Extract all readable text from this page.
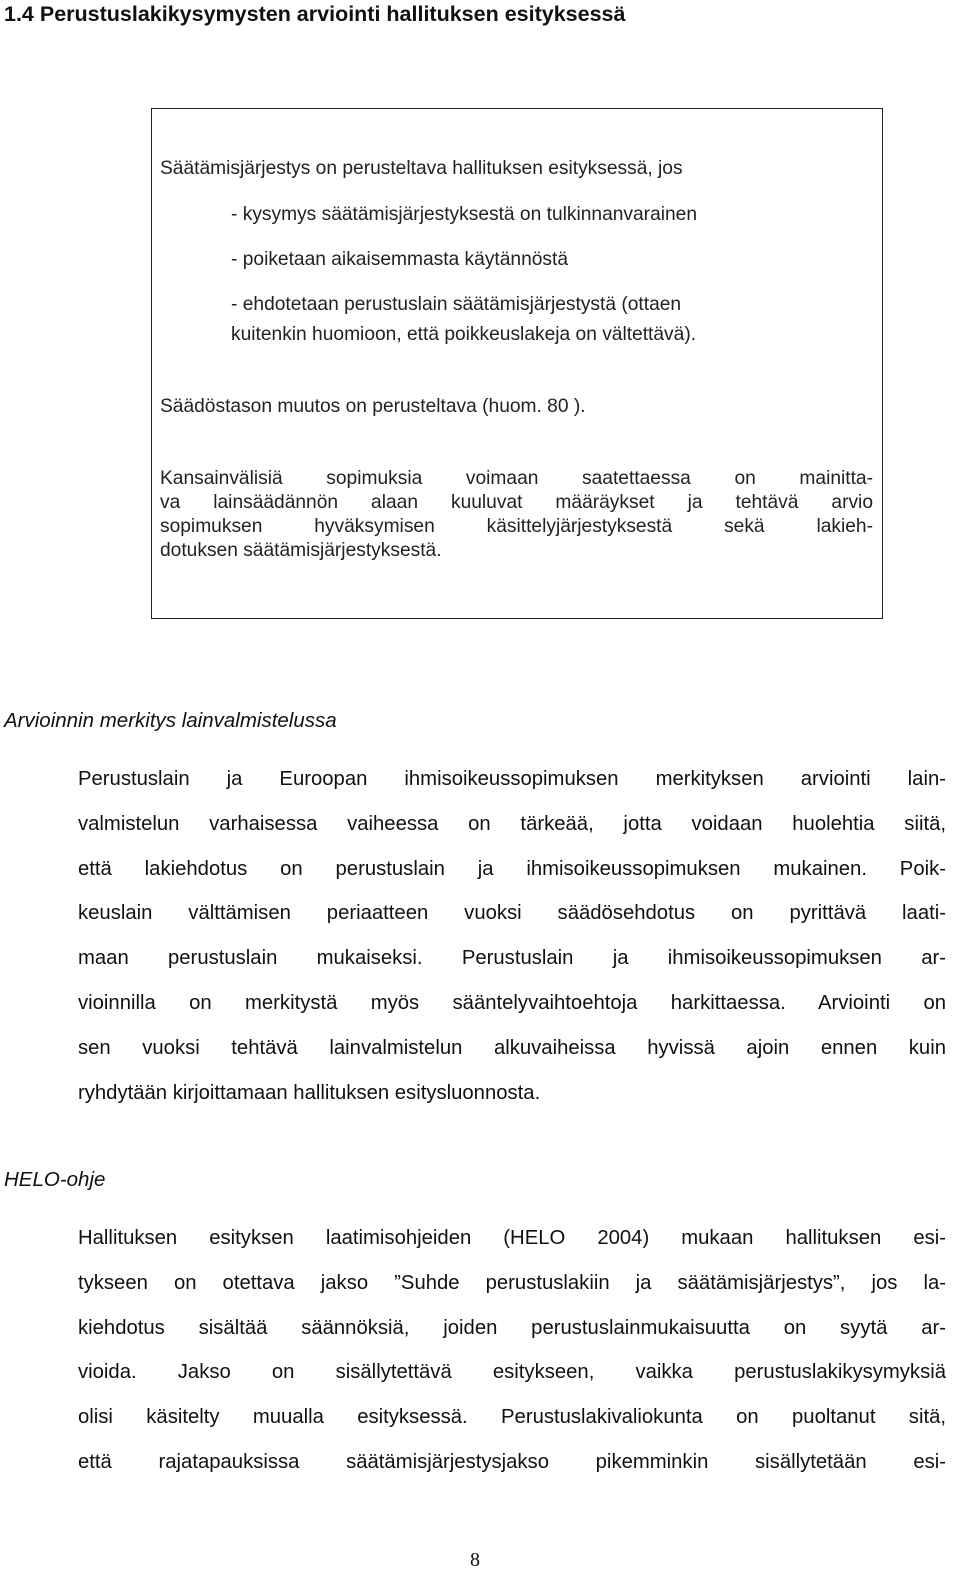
1.4 Perustuslakikysymysten arviointi hallituksen esityksessä

Säätämisjärjestys on perusteltava hallituksen esityksessä, jos

- kysymys säätämisjärjestyksestä on tulkinnanvarainen

- poiketaan aikaisemmasta käytännöstä

- ehdotetaan perustuslain säätämisjärjestystä (ottaen

kuitenkin huomioon, että poikkeuslakeja on vältettävä).

Säädöstason muutos on perusteltava (huom. 80 ).

Kansainvälisiä sopimuksia voimaan saatettaessa on mainitta-
va lainsäädännön alaan kuuluvat määräykset ja tehtävä arvio
sopimuksen hyväksymisen käsittelyjärjestyksestä sekä lakieh-
dotuksen säätämisjärjestyksestä.
Arvioinnin merkitys lainvalmistelussa
Perustuslain ja Euroopan ihmisoikeussopimuksen merkityksen arviointi lain-
valmistelun varhaisessa vaiheessa on tärkeää, jotta voidaan huolehtia siitä,
että lakiehdotus on perustuslain ja ihmisoikeussopimuksen mukainen. Poik-
keuslain välttämisen periaatteen vuoksi säädösehdotus on pyrittävä laati-
maan perustuslain mukaiseksi. Perustuslain ja ihmisoikeussopimuksen ar-
vioinnilla on merkitystä myös sääntelyvaihtoehtoja harkittaessa. Arviointi on
sen vuoksi tehtävä lainvalmistelun alkuvaiheissa hyvissä ajoin ennen kuin
ryhdytään kirjoittamaan hallituksen esitysluonnosta.
HELO-ohje
Hallituksen esityksen laatimisohjeiden (HELO 2004) mukaan hallituksen esi-
tykseen on otettava jakso ”Suhde perustuslakiin ja säätämisjärjestys”, jos la-
kiehdotus sisältää säännöksiä, joiden perustuslainmukaisuutta on syytä ar-
vioida. Jakso on sisällytettävä esitykseen, vaikka perustuslakikysymyksiä
olisi käsitelty muualla esityksessä. Perustuslakivaliokunta on puoltanut sitä,
että rajatapauksissa säätämisjärjestysjakso pikemminkin sisällytetään esi-

8
